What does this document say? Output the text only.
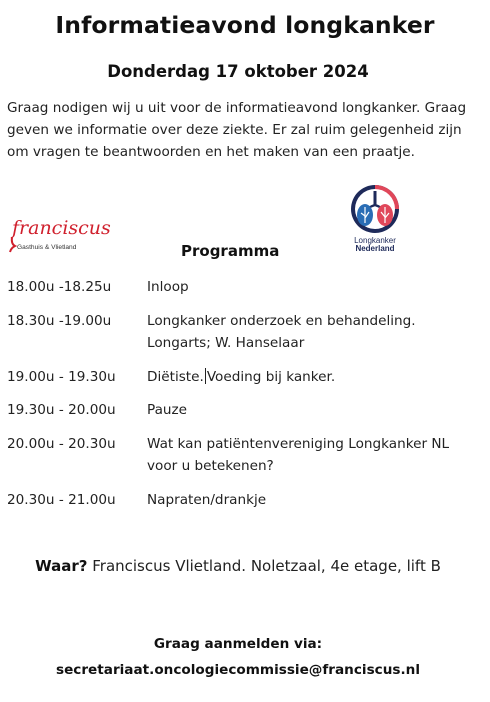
Informatieavond longkanker
Donderdag 17 oktober 2024
Graag nodigen wij u uit voor de informatieavond longkanker. Graag geven we informatie over deze ziekte. Er zal ruim gelegenheid zijn om vragen te beantwoorden en het maken van een praatje.
franciscus
Gasthuis & Vlietland
Longkanker
Nederland
Programma
18.00u -18.25u	Inloop
18.30u -19.00u	Longkanker onderzoek en behandeling. Longarts; W. Hanselaar
19.00u - 19.30u Diëtiste. Voeding bij kanker.
19.30u - 20.00u Pauze
20.00u - 20.30u Wat kan patiëntenvereniging Longkanker NL voor u betekenen?
20.30u - 21.00u Napraten/drankje
Waar? Franciscus Vlietland. Noletzaal, 4e etage, lift B
Graag aanmelden via:
secretariaat.oncologiecommissie@franciscus.nl
